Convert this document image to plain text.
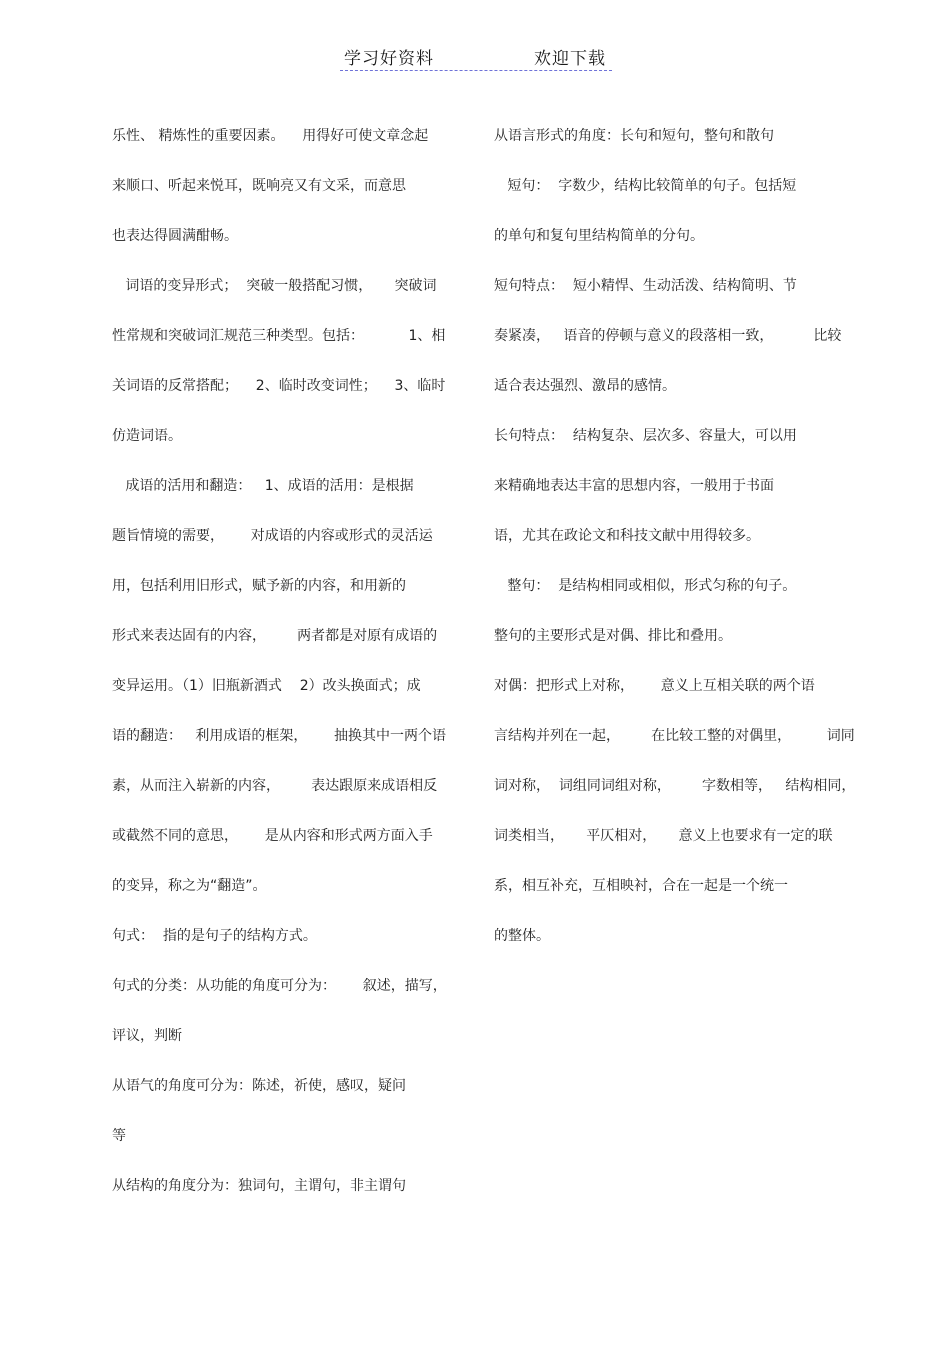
学习好资料	欢迎下载
乐性、 精炼性的重要因素。    用得好可使文章念起
来顺口、听起来悦耳，既响亮又有文采，而意思
也表达得圆满酣畅。
词语的变异形式；  突破一般搭配习惯，     突破词
性常规和突破词汇规范三种类型。包括：          1、相
关词语的反常搭配；    2、临时改变词性；    3、临时
仿造词语。
成语的活用和翻造：   1、成语的活用：是根据
题旨情境的需要，      对成语的内容或形式的灵活运
用，包括利用旧形式，赋予新的内容，和用新的
形式来表达固有的内容，       两者都是对原有成语的
变异运用。（1）旧瓶新酒式    2）改头换面式；成
语的翻造：   利用成语的框架，      抽换其中一两个语
素，从而注入崭新的内容，       表达跟原来成语相反
或截然不同的意思，      是从内容和形式两方面入手
的变异，称之为“翻造”。
句式：  指的是句子的结构方式。
句式的分类：从功能的角度可分为：      叙述，描写，
评议，判断
从语气的角度可分为：陈述，祈使，感叹，疑问
等
从结构的角度分为：独词句，主谓句，非主谓句
从语言形式的角度：长句和短句，整句和散句
短句：  字数少，结构比较简单的句子。包括短
的单句和复句里结构简单的分句。
短句特点：  短小精悍、生动活泼、结构简明、节
奏紧凑，   语音的停顿与意义的段落相一致，         比较
适合表达强烈、激昂的感情。
长句特点：  结构复杂、层次多、容量大，可以用
来精确地表达丰富的思想内容，一般用于书面
语，尤其在政论文和科技文献中用得较多。
整句：  是结构相同或相似，形式匀称的句子。
整句的主要形式是对偶、排比和叠用。
对偶：把形式上对称，      意义上互相关联的两个语
言结构并列在一起，       在比较工整的对偶里，        词同
词对称，  词组同词组对称，       字数相等，   结构相同，
词类相当，     平仄相对，     意义上也要求有一定的联
系，相互补充，互相映衬，合在一起是一个统一
的整体。
